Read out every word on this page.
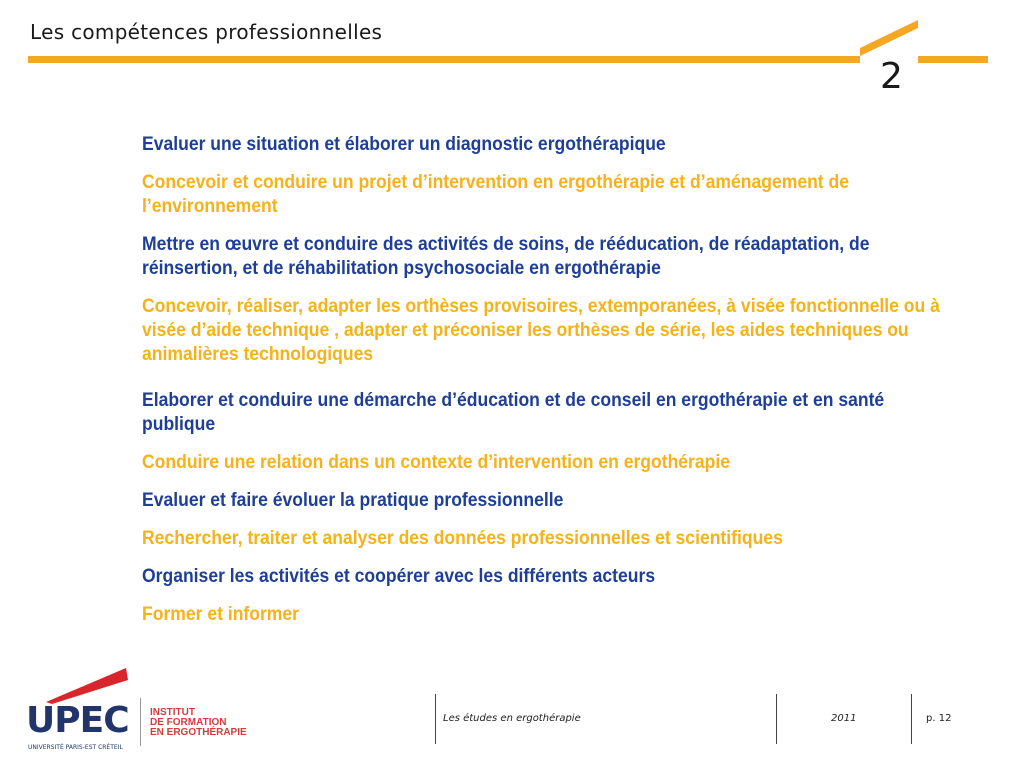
Les compétences professionnelles
2
Evaluer une situation et élaborer un diagnostic ergothérapique
Concevoir et conduire un projet d’intervention en ergothérapie et d’aménagement de l’environnement
Mettre en œuvre et conduire des activités de soins, de rééducation, de réadaptation, de réinsertion, et de réhabilitation psychosociale en ergothérapie
Concevoir, réaliser, adapter les orthèses provisoires, extemporanées, à visée fonctionnelle ou à visée d’aide technique , adapter et préconiser les orthèses de série, les aides techniques ou animalières technologiques
Elaborer et conduire une démarche d’éducation et de conseil en ergothérapie et en santé publique
Conduire une relation dans un contexte d’intervention en ergothérapie
Evaluer et faire évoluer la pratique professionnelle
Rechercher, traiter et analyser des données professionnelles et scientifiques
Organiser les activités et coopérer avec les différents acteurs
Former et informer
UPEC
UNIVERSITÉ PARIS-EST CRÉTEIL
INSTITUT
DE FORMATION
EN ERGOTHÉRAPIE
Les études en ergothérapie	2011	p. 12
